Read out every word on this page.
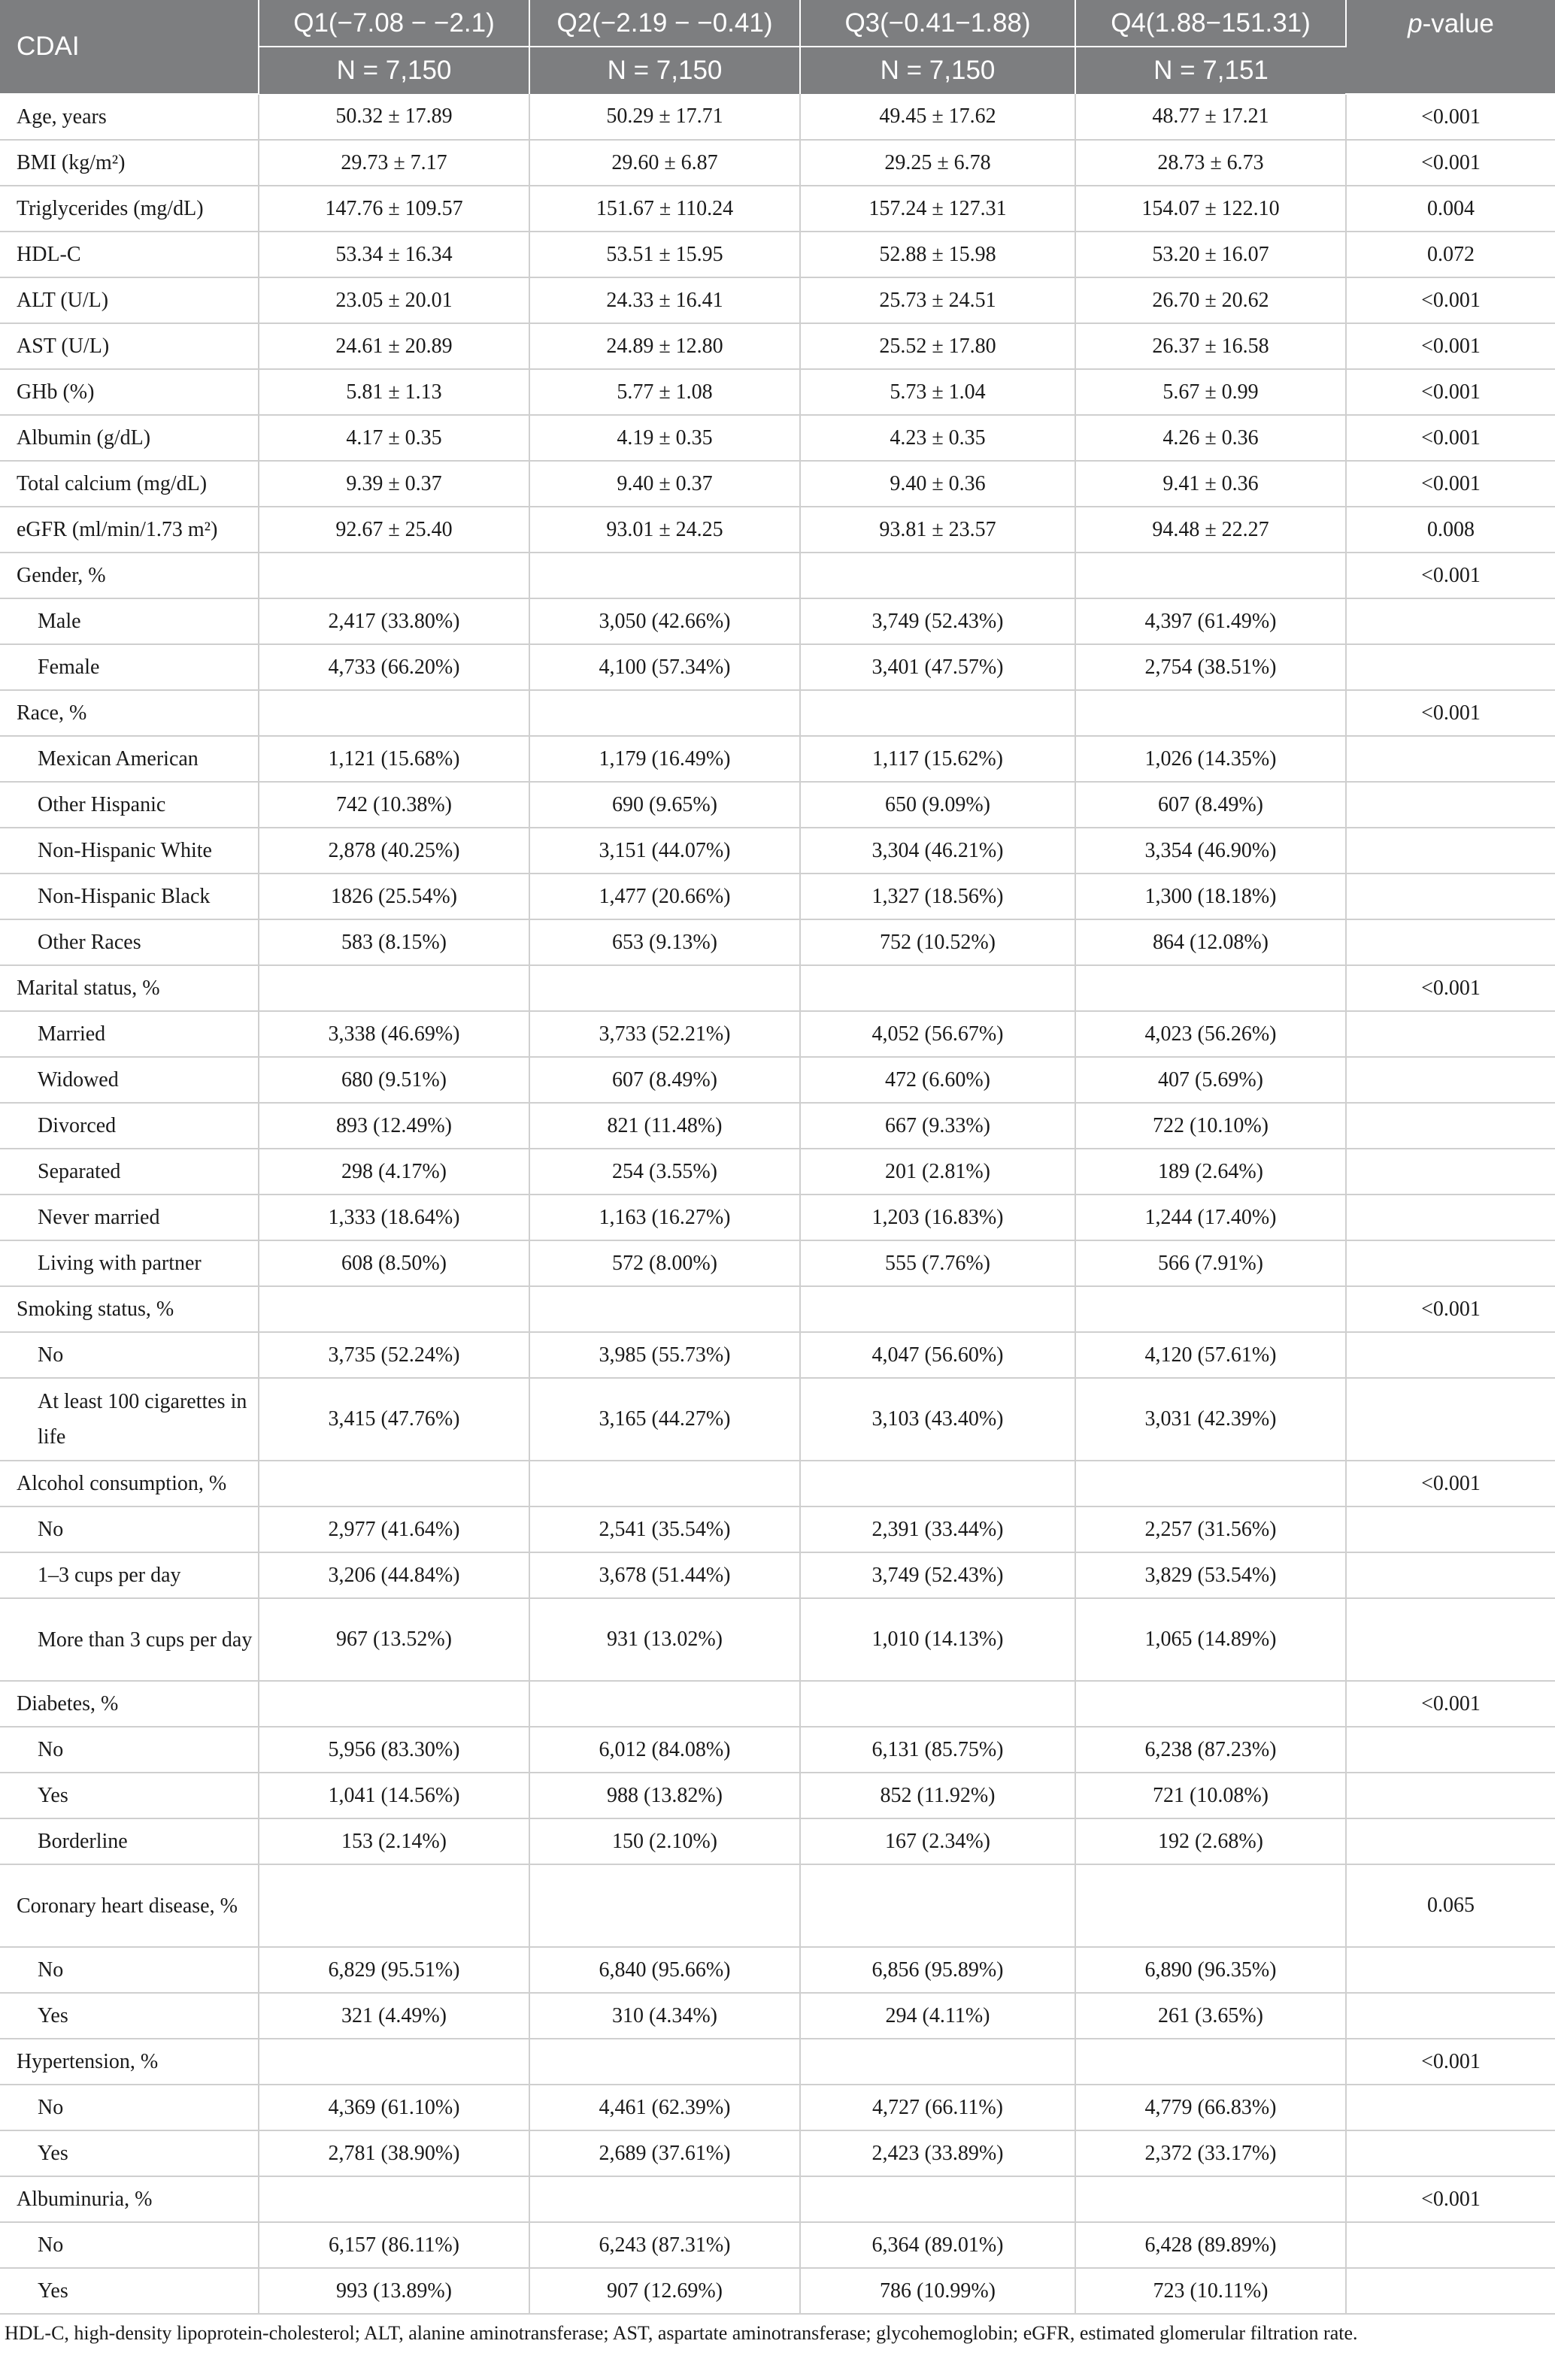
CDAI	Q1(−7.08 − −2.1)	Q2(−2.19 − −0.41)	Q3(−0.41−1.88)	Q4(1.88−151.31)	p-value
	N = 7,150	N = 7,150	N = 7,150	N = 7,151	
Age, years	50.32 ± 17.89	50.29 ± 17.71	49.45 ± 17.62	48.77 ± 17.21	<0.001
BMI (kg/m²)	29.73 ± 7.17	29.60 ± 6.87	29.25 ± 6.78	28.73 ± 6.73	<0.001
Triglycerides (mg/dL)	147.76 ± 109.57	151.67 ± 110.24	157.24 ± 127.31	154.07 ± 122.10	0.004
HDL-C	53.34 ± 16.34	53.51 ± 15.95	52.88 ± 15.98	53.20 ± 16.07	0.072
ALT (U/L)	23.05 ± 20.01	24.33 ± 16.41	25.73 ± 24.51	26.70 ± 20.62	<0.001
AST (U/L)	24.61 ± 20.89	24.89 ± 12.80	25.52 ± 17.80	26.37 ± 16.58	<0.001
GHb (%)	5.81 ± 1.13	5.77 ± 1.08	5.73 ± 1.04	5.67 ± 0.99	<0.001
Albumin (g/dL)	4.17 ± 0.35	4.19 ± 0.35	4.23 ± 0.35	4.26 ± 0.36	<0.001
Total calcium (mg/dL)	9.39 ± 0.37	9.40 ± 0.37	9.40 ± 0.36	9.41 ± 0.36	<0.001
eGFR (ml/min/1.73 m²)	92.67 ± 25.40	93.01 ± 24.25	93.81 ± 23.57	94.48 ± 22.27	0.008
Gender, %					<0.001
Male	2,417 (33.80%)	3,050 (42.66%)	3,749 (52.43%)	4,397 (61.49%)	
Female	4,733 (66.20%)	4,100 (57.34%)	3,401 (47.57%)	2,754 (38.51%)	
Race, %					<0.001
Mexican American	1,121 (15.68%)	1,179 (16.49%)	1,117 (15.62%)	1,026 (14.35%)	
Other Hispanic	742 (10.38%)	690 (9.65%)	650 (9.09%)	607 (8.49%)	
Non-Hispanic White	2,878 (40.25%)	3,151 (44.07%)	3,304 (46.21%)	3,354 (46.90%)	
Non-Hispanic Black	1826 (25.54%)	1,477 (20.66%)	1,327 (18.56%)	1,300 (18.18%)	
Other Races	583 (8.15%)	653 (9.13%)	752 (10.52%)	864 (12.08%)	
Marital status, %					<0.001
Married	3,338 (46.69%)	3,733 (52.21%)	4,052 (56.67%)	4,023 (56.26%)	
Widowed	680 (9.51%)	607 (8.49%)	472 (6.60%)	407 (5.69%)	
Divorced	893 (12.49%)	821 (11.48%)	667 (9.33%)	722 (10.10%)	
Separated	298 (4.17%)	254 (3.55%)	201 (2.81%)	189 (2.64%)	
Never married	1,333 (18.64%)	1,163 (16.27%)	1,203 (16.83%)	1,244 (17.40%)	
Living with partner	608 (8.50%)	572 (8.00%)	555 (7.76%)	566 (7.91%)	
Smoking status, %					<0.001
No	3,735 (52.24%)	3,985 (55.73%)	4,047 (56.60%)	4,120 (57.61%)	
At least 100 cigarettes in life	3,415 (47.76%)	3,165 (44.27%)	3,103 (43.40%)	3,031 (42.39%)	
Alcohol consumption, %					<0.001
No	2,977 (41.64%)	2,541 (35.54%)	2,391 (33.44%)	2,257 (31.56%)	
1–3 cups per day	3,206 (44.84%)	3,678 (51.44%)	3,749 (52.43%)	3,829 (53.54%)	
More than 3 cups per day	967 (13.52%)	931 (13.02%)	1,010 (14.13%)	1,065 (14.89%)	
Diabetes, %					<0.001
No	5,956 (83.30%)	6,012 (84.08%)	6,131 (85.75%)	6,238 (87.23%)	
Yes	1,041 (14.56%)	988 (13.82%)	852 (11.92%)	721 (10.08%)	
Borderline	153 (2.14%)	150 (2.10%)	167 (2.34%)	192 (2.68%)	
Coronary heart disease, %					0.065
No	6,829 (95.51%)	6,840 (95.66%)	6,856 (95.89%)	6,890 (96.35%)	
Yes	321 (4.49%)	310 (4.34%)	294 (4.11%)	261 (3.65%)	
Hypertension, %					<0.001
No	4,369 (61.10%)	4,461 (62.39%)	4,727 (66.11%)	4,779 (66.83%)	
Yes	2,781 (38.90%)	2,689 (37.61%)	2,423 (33.89%)	2,372 (33.17%)	
Albuminuria, %					<0.001
No	6,157 (86.11%)	6,243 (87.31%)	6,364 (89.01%)	6,428 (89.89%)	
Yes	993 (13.89%)	907 (12.69%)	786 (10.99%)	723 (10.11%)	
HDL-C, high-density lipoprotein-cholesterol; ALT, alanine aminotransferase; AST, aspartate aminotransferase; glycohemoglobin; eGFR, estimated glomerular filtration rate.
